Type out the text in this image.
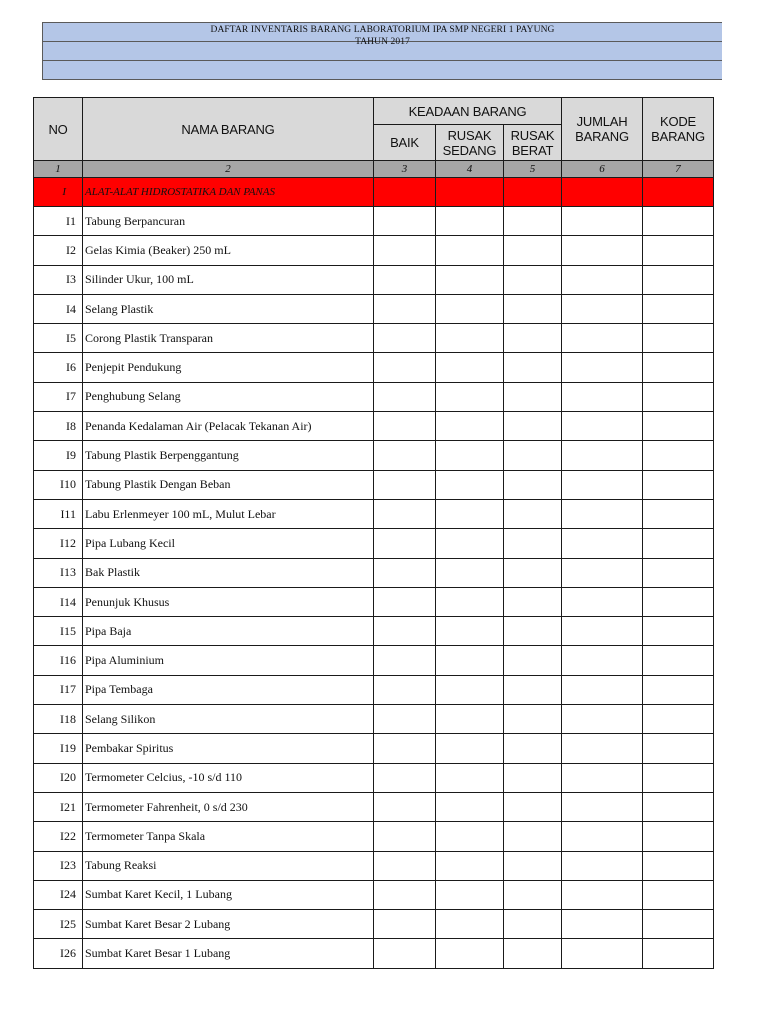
DAFTAR INVENTARIS BARANG LABORATORIUM IPA SMP NEGERI 1 PAYUNG
TAHUN 2017
NO	NAMA BARANG	KEADAAN BARANG			JUMLAH BARANG	KODE BARANG
		BAIK	RUSAK SEDANG	RUSAK BERAT		
1	2	3	4	5	6	7
I	ALAT-ALAT HIDROSTATIKA DAN PANAS					
I1	Tabung Berpancuran					
I2	Gelas Kimia (Beaker) 250 mL					
I3	Silinder Ukur, 100 mL					
I4	Selang Plastik					
I5	Corong Plastik Transparan					
I6	Penjepit Pendukung					
I7	Penghubung Selang					
I8	Penanda Kedalaman Air (Pelacak Tekanan Air)					
I9	Tabung Plastik Berpenggantung					
I10	Tabung Plastik Dengan Beban					
I11	Labu Erlenmeyer 100 mL, Mulut Lebar					
I12	Pipa Lubang Kecil					
I13	Bak Plastik					
I14	Penunjuk Khusus					
I15	Pipa Baja					
I16	Pipa Aluminium					
I17	Pipa Tembaga					
I18	Selang Silikon					
I19	Pembakar Spiritus					
I20	Termometer Celcius, -10 s/d 110					
I21	Termometer Fahrenheit, 0 s/d 230					
I22	Termometer Tanpa Skala					
I23	Tabung Reaksi					
I24	Sumbat Karet Kecil, 1 Lubang					
I25	Sumbat Karet Besar 2 Lubang					
I26	Sumbat Karet Besar 1 Lubang					
